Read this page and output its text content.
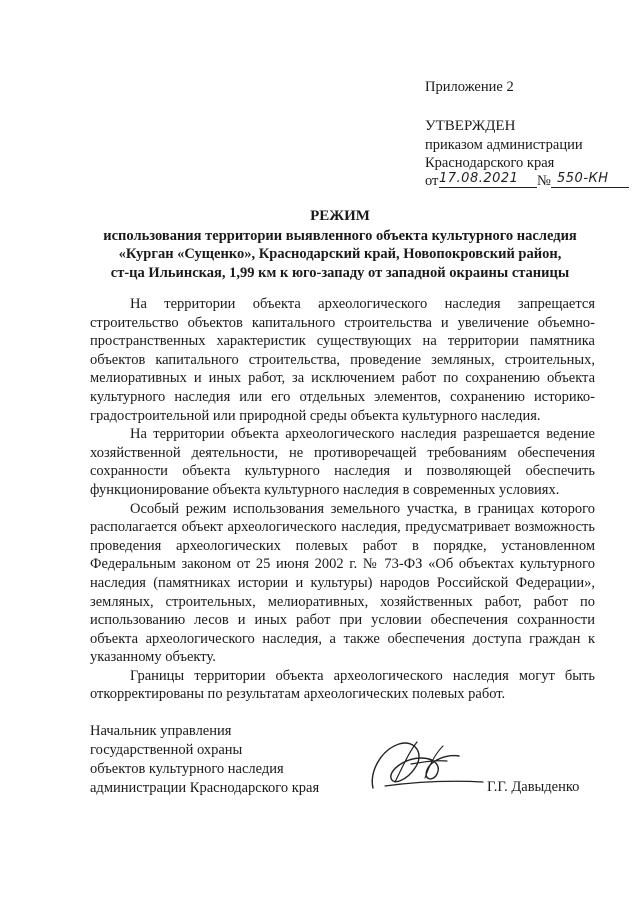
Приложение 2
УТВЕРЖДЕН
приказом администрации
Краснодарского края
от 17.08.2021 № 550-КН
РЕЖИМ
использования территории выявленного объекта культурного наследия
«Курган «Сущенко», Краснодарский край, Новопокровский район,
ст-ца Ильинская, 1,99 км к юго-западу от западной окраины станицы

На территории объекта археологического наследия запрещается строительство объектов капитального строительства и увеличение объемно-пространственных характеристик существующих на территории памятника объектов капитального строительства, проведение земляных, строительных, мелиоративных и иных работ, за исключением работ по сохранению объекта культурного наследия или его отдельных элементов, сохранению историко-градостроительной или природной среды объекта культурного наследия.

На территории объекта археологического наследия разрешается ведение хозяйственной деятельности, не противоречащей требованиям обеспечения сохранности объекта культурного наследия и позволяющей обеспечить функционирование объекта культурного наследия в современных условиях.

Особый режим использования земельного участка, в границах которого располагается объект археологического наследия, предусматривает возможность проведения археологических полевых работ в порядке, установленном Федеральным законом от 25 июня 2002 г. № 73-ФЗ «Об объектах культурного наследия (памятниках истории и культуры) народов Российской Федерации», земляных, строительных, мелиоративных, хозяйственных работ, работ по использованию лесов и иных работ при условии обеспечения сохранности объекта археологического наследия, а также обеспечения доступа граждан к указанному объекту.

Границы территории объекта археологического наследия могут быть откорректированы по результатам археологических полевых работ.

Начальник управления
государственной охраны
объектов культурного наследия
администрации Краснодарского края	Г.Г. Давыденко
